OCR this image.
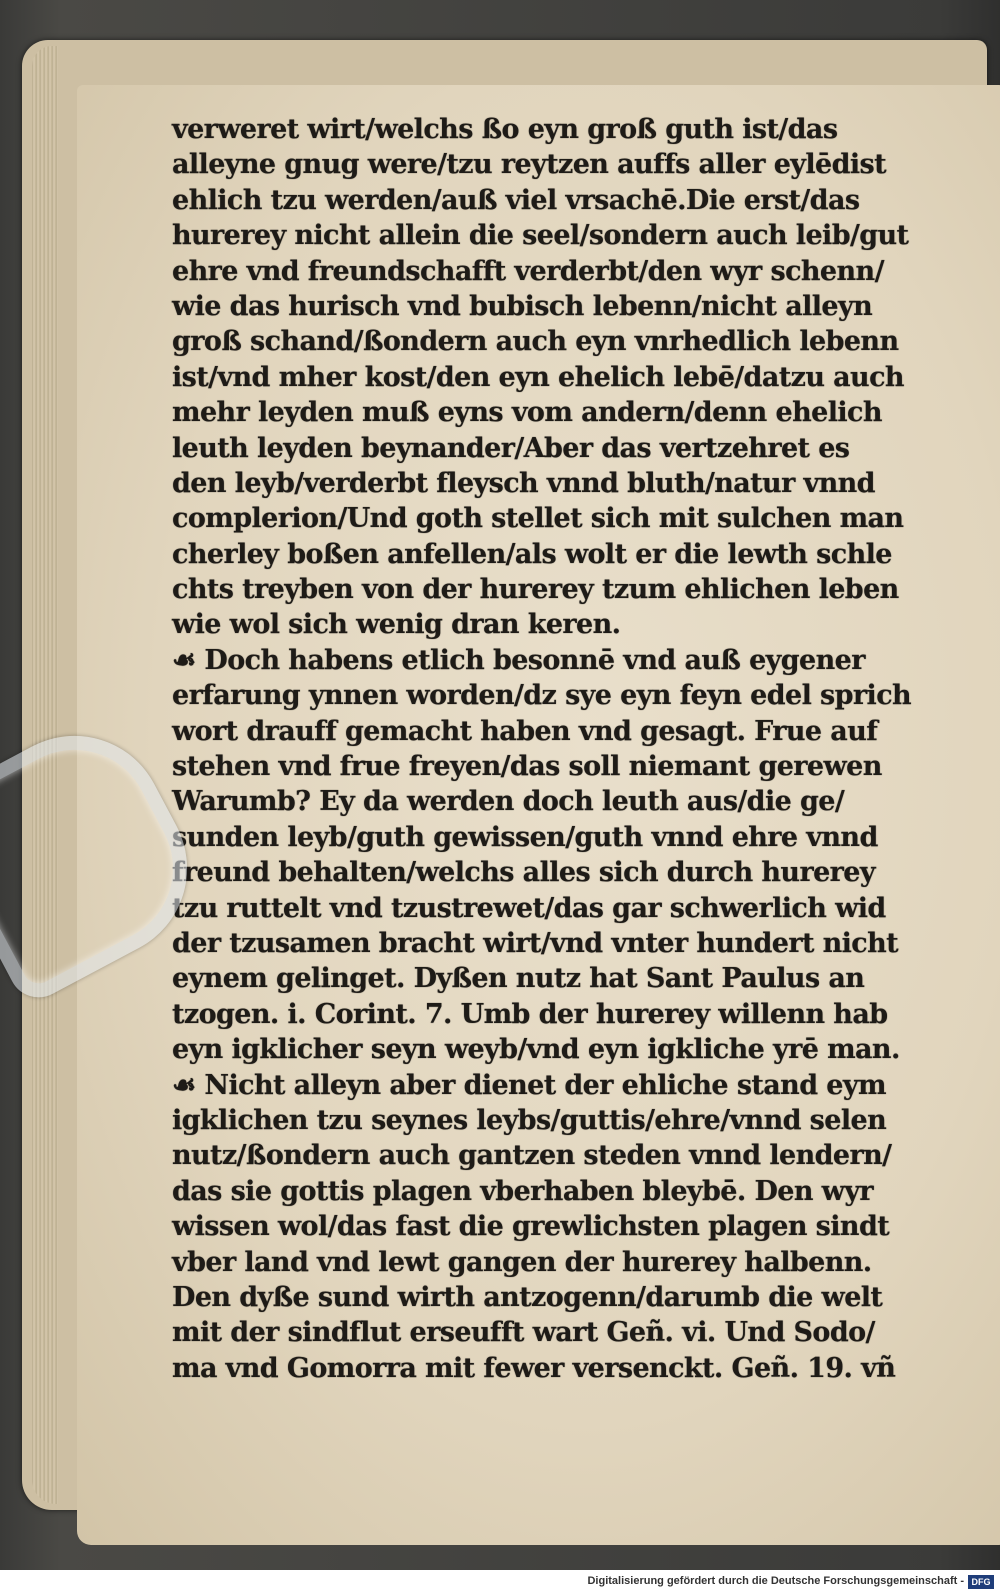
verweret wirt/welchs ßo eyn groß guth ist/das
alleyne gnug were/tzu reytzen auffs aller eylēdist
ehlich tzu werden/auß viel vrsachē.Die erst/das
hurerey nicht allein die seel/sondern auch leib/gut
ehre vnd freundschafft verderbt/den wyr schenn/
wie das hurisch vnd bubisch lebenn/nicht alleyn
groß schand/ßondern auch eyn vnrhedlich lebenn
ist/vnd mher kost/den eyn ehelich lebē/datzu auch
mehr leyden muß eyns vom andern/denn ehelich
leuth leyden beynander/Aber das vertzehret es
den leyb/verderbt fleysch vnnd bluth/natur vnnd
complerion/Und goth stellet sich mit sulchen man
cherley boßen anfellen/als wolt er die lewth schle
chts treyben von der hurerey tzum ehlichen leben
wie wol sich wenig dran keren.
☙ Doch habens etlich besonnē vnd auß eygener
erfarung ynnen worden/dz sye eyn feyn edel sprich
wort drauff gemacht haben vnd gesagt. Frue auf
stehen vnd frue freyen/das soll niemant gerewen
Warumb? Ey da werden doch leuth aus/die ge/
sunden leyb/guth gewissen/guth vnnd ehre vnnd
freund behalten/welchs alles sich durch hurerey
tzu ruttelt vnd tzustrewet/das gar schwerlich wid
der tzusamen bracht wirt/vnd vnter hundert nicht
eynem gelinget. Dyßen nutz hat Sant Paulus an
tzogen. i. Corint. 7. Umb der hurerey willenn hab
eyn igklicher seyn weyb/vnd eyn igkliche yrē man.
☙ Nicht alleyn aber dienet der ehliche stand eym
igklichen tzu seynes leybs/guttis/ehre/vnnd selen
nutz/ßondern auch gantzen steden vnnd lendern/
das sie gottis plagen vberhaben bleybē. Den wyr
wissen wol/das fast die grewlichsten plagen sindt
vber land vnd lewt gangen der hurerey halbenn.
Den dyße sund wirth antzogenn/darumb die welt
mit der sindflut erseufft wart Geñ. vi. Und Sodo/
ma vnd Gomorra mit fewer versenckt. Geñ. 19. vñ
Digitalisierung gefördert durch die Deutsche Forschungsgemeinschaft - DFG
